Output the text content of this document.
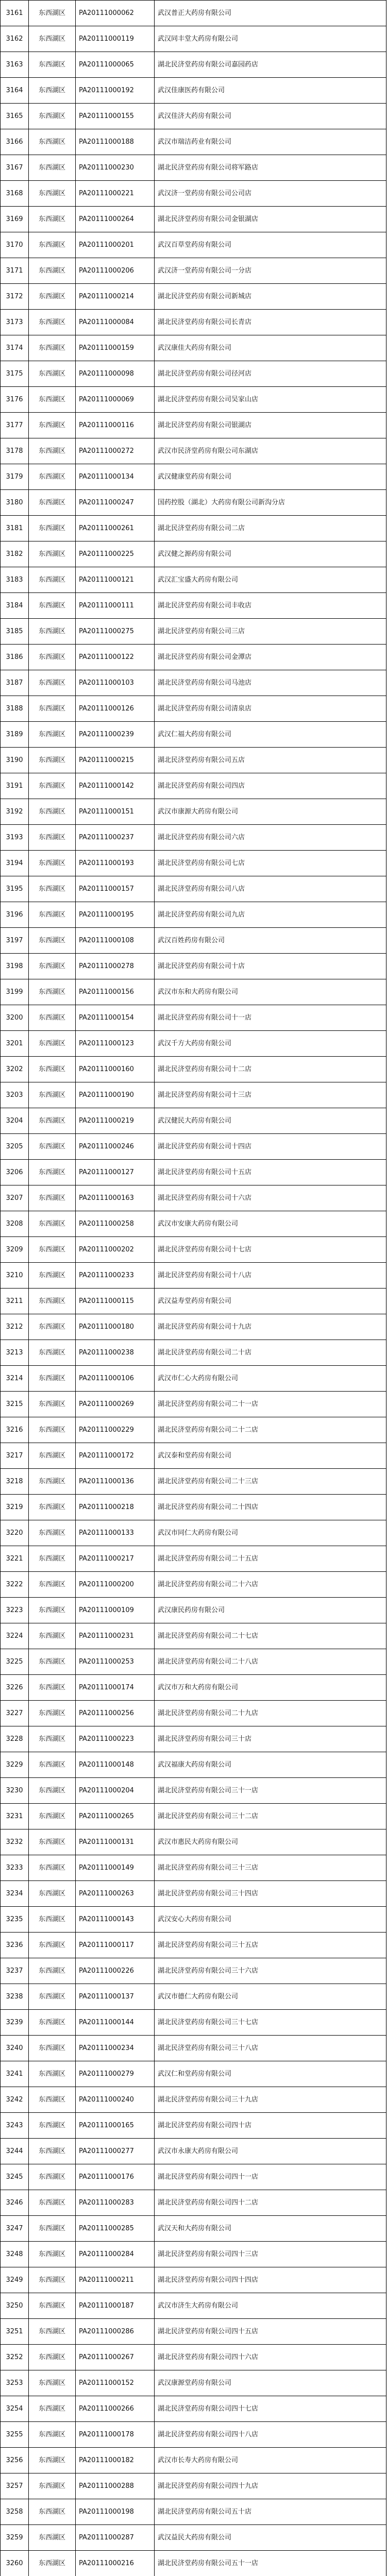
3161	东西湖区	PA20111000062	武汉普正大药房有限公司
3162	东西湖区	PA20111000119	武汉同丰堂大药房有限公司
3163	东西湖区	PA20111000065	湖北民济堂药房有限公司嘉园药店
3164	东西湖区	PA20111000192	武汉佳康医药有限公司
3165	东西湖区	PA20111000155	武汉佳济大药房有限公司
3166	东西湖区	PA20111000188	武汉市瑞洁药业有限公司
3167	东西湖区	PA20111000230	湖北民济堂药房有限公司将军路店
3168	东西湖区	PA20111000221	武汉济一堂药房有限公司公司店
3169	东西湖区	PA20111000264	湖北民济堂药房有限公司金银湖店
3170	东西湖区	PA20111000201	武汉百草堂药房有限公司
3171	东西湖区	PA20111000206	武汉济一堂药房有限公司一分店
3172	东西湖区	PA20111000214	湖北民济堂药房有限公司新城店
3173	东西湖区	PA20111000084	湖北民济堂药房有限公司长青店
3174	东西湖区	PA20111000159	武汉康佳大药房有限公司
3175	东西湖区	PA20111000098	湖北民济堂药房有限公司径河店
3176	东西湖区	PA20111000069	湖北民济堂药房有限公司吴家山店
3177	东西湖区	PA20111000116	湖北民济堂药房有限公司银湖店
3178	东西湖区	PA20111000272	武汉市民济堂药房有限公司东湖店
3179	东西湖区	PA20111000134	武汉健康堂药房有限公司
3180	东西湖区	PA20111000247	国药控股（湖北）大药房有限公司新沟分店
3181	东西湖区	PA20111000261	湖北民济堂药房有限公司二店
3182	东西湖区	PA20111000225	武汉健之源药房有限公司
3183	东西湖区	PA20111000121	武汉汇宝盛大药房有限公司
3184	东西湖区	PA20111000111	湖北民济堂药房有限公司丰收店
3185	东西湖区	PA20111000275	湖北民济堂药房有限公司三店
3186	东西湖区	PA20111000122	湖北民济堂药房有限公司金潭店
3187	东西湖区	PA20111000103	湖北民济堂药房有限公司马池店
3188	东西湖区	PA20111000126	湖北民济堂药房有限公司清泉店
3189	东西湖区	PA20111000239	武汉仁福大药房有限公司
3190	东西湖区	PA20111000215	湖北民济堂药房有限公司五店
3191	东西湖区	PA20111000142	湖北民济堂药房有限公司四店
3192	东西湖区	PA20111000151	武汉市康源大药房有限公司
3193	东西湖区	PA20111000237	湖北民济堂药房有限公司六店
3194	东西湖区	PA20111000193	湖北民济堂药房有限公司七店
3195	东西湖区	PA20111000157	湖北民济堂药房有限公司八店
3196	东西湖区	PA20111000195	湖北民济堂药房有限公司九店
3197	东西湖区	PA20111000108	武汉百姓药房有限公司
3198	东西湖区	PA20111000278	湖北民济堂药房有限公司十店
3199	东西湖区	PA20111000156	武汉市东和大药房有限公司
3200	东西湖区	PA20111000154	湖北民济堂药房有限公司十一店
3201	东西湖区	PA20111000123	武汉千方大药房有限公司
3202	东西湖区	PA20111000160	湖北民济堂药房有限公司十二店
3203	东西湖区	PA20111000190	湖北民济堂药房有限公司十三店
3204	东西湖区	PA20111000219	武汉健民大药房有限公司
3205	东西湖区	PA20111000246	湖北民济堂药房有限公司十四店
3206	东西湖区	PA20111000127	湖北民济堂药房有限公司十五店
3207	东西湖区	PA20111000163	湖北民济堂药房有限公司十六店
3208	东西湖区	PA20111000258	武汉市安康大药房有限公司
3209	东西湖区	PA20111000202	湖北民济堂药房有限公司十七店
3210	东西湖区	PA20111000233	湖北民济堂药房有限公司十八店
3211	东西湖区	PA20111000115	武汉益寿堂药房有限公司
3212	东西湖区	PA20111000180	湖北民济堂药房有限公司十九店
3213	东西湖区	PA20111000238	湖北民济堂药房有限公司二十店
3214	东西湖区	PA20111000106	武汉市仁心大药房有限公司
3215	东西湖区	PA20111000269	湖北民济堂药房有限公司二十一店
3216	东西湖区	PA20111000229	湖北民济堂药房有限公司二十二店
3217	东西湖区	PA20111000172	武汉泰和堂药房有限公司
3218	东西湖区	PA20111000136	湖北民济堂药房有限公司二十三店
3219	东西湖区	PA20111000218	湖北民济堂药房有限公司二十四店
3220	东西湖区	PA20111000133	武汉市同仁大药房有限公司
3221	东西湖区	PA20111000217	湖北民济堂药房有限公司二十五店
3222	东西湖区	PA20111000200	湖北民济堂药房有限公司二十六店
3223	东西湖区	PA20111000109	武汉康民药房有限公司
3224	东西湖区	PA20111000231	湖北民济堂药房有限公司二十七店
3225	东西湖区	PA20111000253	湖北民济堂药房有限公司二十八店
3226	东西湖区	PA20111000174	武汉市万和大药房有限公司
3227	东西湖区	PA20111000256	湖北民济堂药房有限公司二十九店
3228	东西湖区	PA20111000223	湖北民济堂药房有限公司三十店
3229	东西湖区	PA20111000148	武汉福康大药房有限公司
3230	东西湖区	PA20111000204	湖北民济堂药房有限公司三十一店
3231	东西湖区	PA20111000265	湖北民济堂药房有限公司三十二店
3232	东西湖区	PA20111000131	武汉市惠民大药房有限公司
3233	东西湖区	PA20111000149	湖北民济堂药房有限公司三十三店
3234	东西湖区	PA20111000263	湖北民济堂药房有限公司三十四店
3235	东西湖区	PA20111000143	武汉安心大药房有限公司
3236	东西湖区	PA20111000117	湖北民济堂药房有限公司三十五店
3237	东西湖区	PA20111000226	湖北民济堂药房有限公司三十六店
3238	东西湖区	PA20111000137	武汉市德仁大药房有限公司
3239	东西湖区	PA20111000144	湖北民济堂药房有限公司三十七店
3240	东西湖区	PA20111000234	湖北民济堂药房有限公司三十八店
3241	东西湖区	PA20111000279	武汉仁和堂药房有限公司
3242	东西湖区	PA20111000240	湖北民济堂药房有限公司三十九店
3243	东西湖区	PA20111000165	湖北民济堂药房有限公司四十店
3244	东西湖区	PA20111000277	武汉市永康大药房有限公司
3245	东西湖区	PA20111000176	湖北民济堂药房有限公司四十一店
3246	东西湖区	PA20111000283	湖北民济堂药房有限公司四十二店
3247	东西湖区	PA20111000285	武汉天和大药房有限公司
3248	东西湖区	PA20111000284	湖北民济堂药房有限公司四十三店
3249	东西湖区	PA20111000211	湖北民济堂药房有限公司四十四店
3250	东西湖区	PA20111000187	武汉市济生大药房有限公司
3251	东西湖区	PA20111000286	湖北民济堂药房有限公司四十五店
3252	东西湖区	PA20111000267	湖北民济堂药房有限公司四十六店
3253	东西湖区	PA20111000152	武汉康源堂药房有限公司
3254	东西湖区	PA20111000266	湖北民济堂药房有限公司四十七店
3255	东西湖区	PA20111000178	湖北民济堂药房有限公司四十八店
3256	东西湖区	PA20111000182	武汉市长寿大药房有限公司
3257	东西湖区	PA20111000288	湖北民济堂药房有限公司四十九店
3258	东西湖区	PA20111000198	湖北民济堂药房有限公司五十店
3259	东西湖区	PA20111000287	武汉益民大药房有限公司
3260	东西湖区	PA20111000216	湖北民济堂药房有限公司五十一店
